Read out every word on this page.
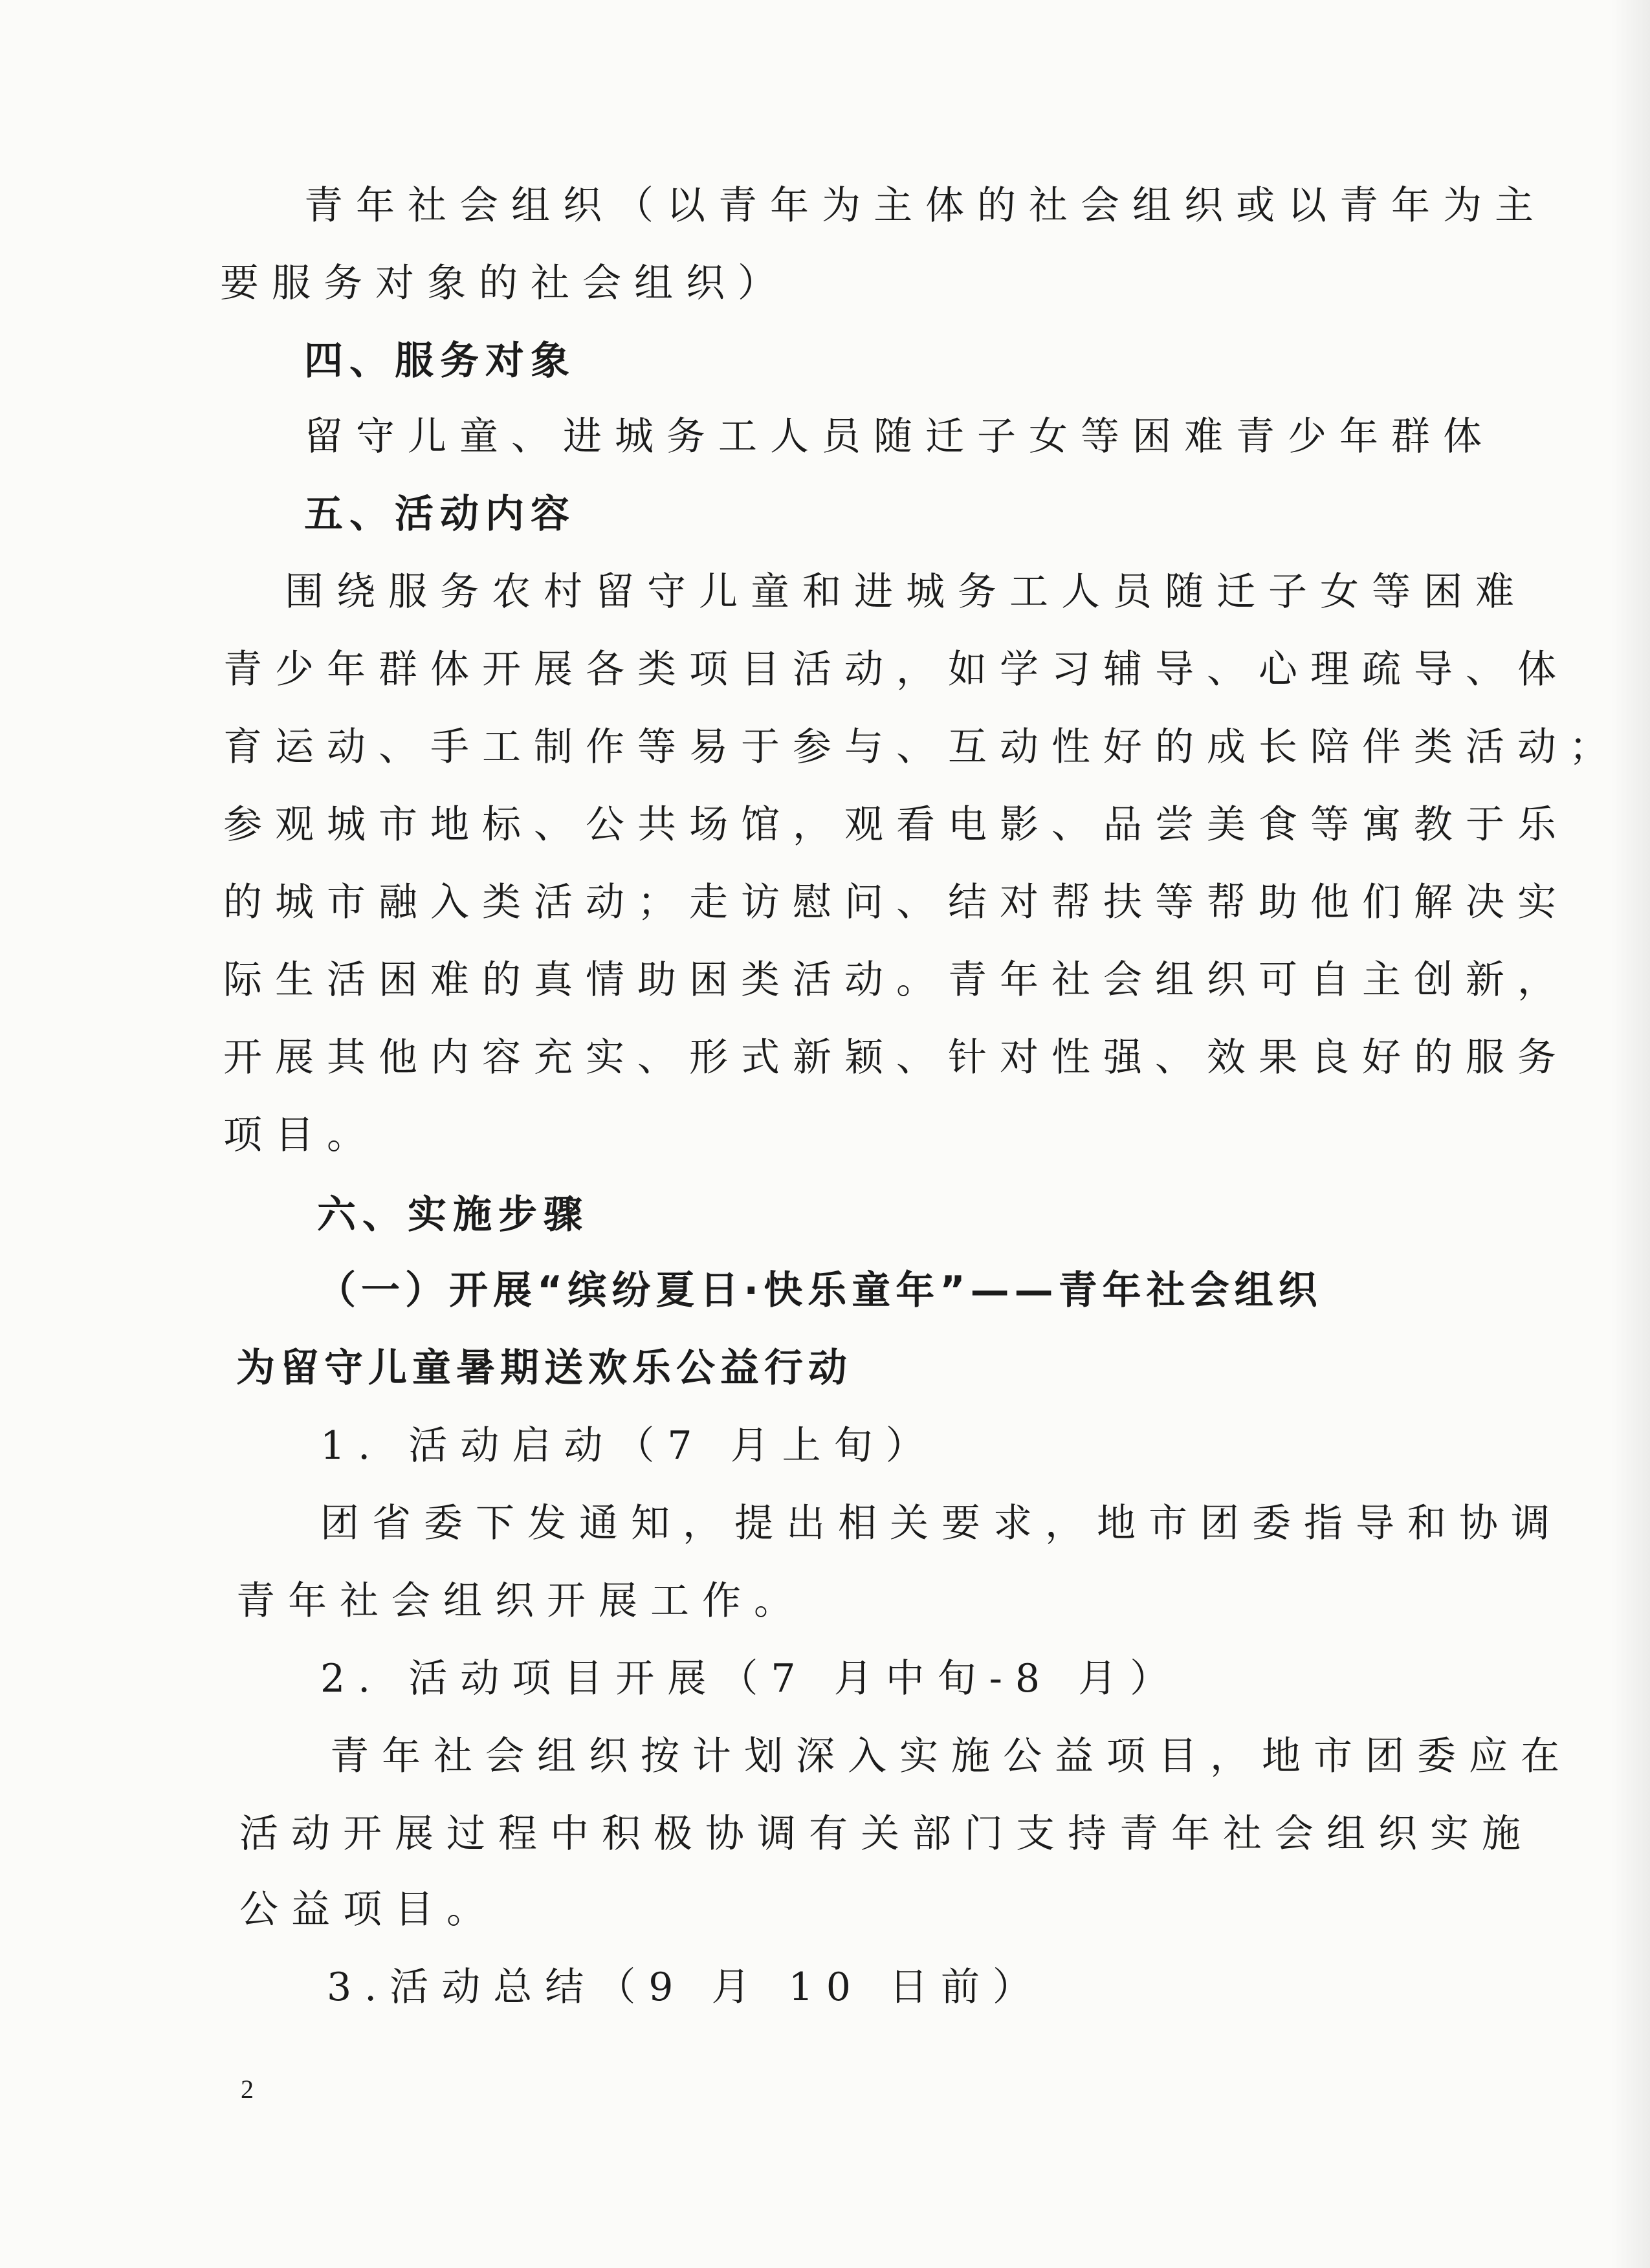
青年社会组织（以青年为主体的社会组织或以青年为主
要服务对象的社会组织）
四、服务对象
留守儿童、进城务工人员随迁子女等困难青少年群体
五、活动内容
围绕服务农村留守儿童和进城务工人员随迁子女等困难
青少年群体开展各类项目活动，如学习辅导、心理疏导、体
育运动、手工制作等易于参与、互动性好的成长陪伴类活动；
参观城市地标、公共场馆，观看电影、品尝美食等寓教于乐
的城市融入类活动；走访慰问、结对帮扶等帮助他们解决实
际生活困难的真情助困类活动。青年社会组织可自主创新，
开展其他内容充实、形式新颖、针对性强、效果良好的服务
项目。
六、实施步骤
（一）开展“缤纷夏日·快乐童年”——青年社会组织
为留守儿童暑期送欢乐公益行动
1. 活动启动（7 月上旬）
团省委下发通知，提出相关要求，地市团委指导和协调
青年社会组织开展工作。
2. 活动项目开展（7 月中旬-8 月）
青年社会组织按计划深入实施公益项目，地市团委应在
活动开展过程中积极协调有关部门支持青年社会组织实施
公益项目。
3.活动总结（9 月 10 日前）
2
